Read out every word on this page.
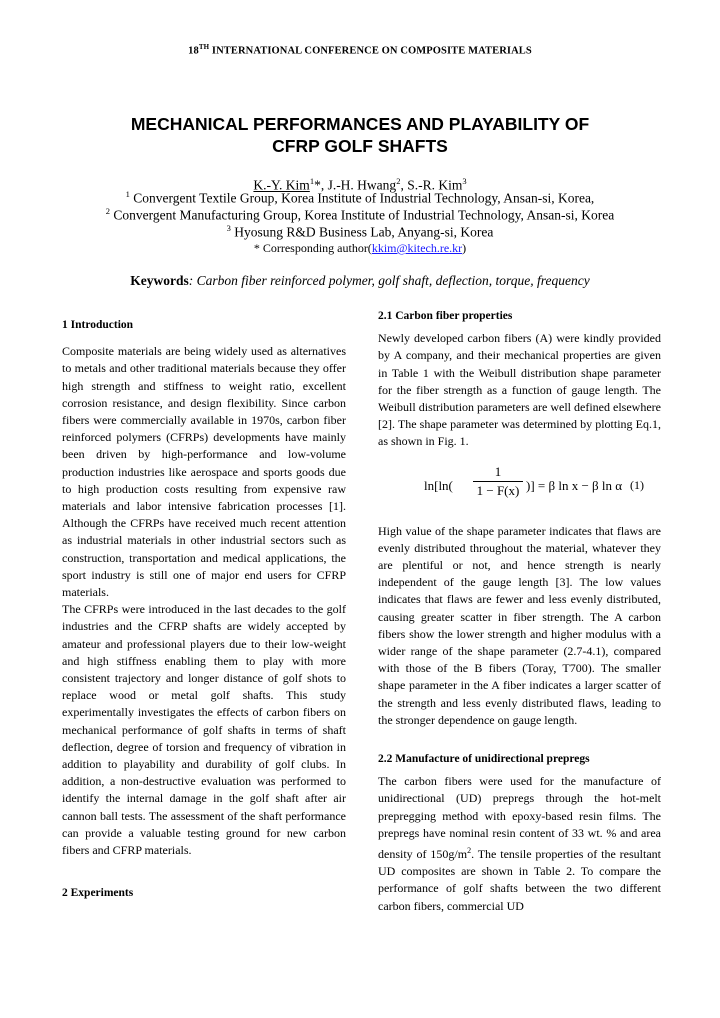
18TH INTERNATIONAL CONFERENCE ON COMPOSITE MATERIALS
MECHANICAL PERFORMANCES AND PLAYABILITY OF
CFRP GOLF SHAFTS
K.-Y. Kim$^1$*, J.-H. Hwang$^2$, S.-R. Kim$^3$
$^1$ Convergent Textile Group, Korea Institute of Industrial Technology, Ansan-si, Korea,
$^2$ Convergent Manufacturing Group, Korea Institute of Industrial Technology, Ansan-si, Korea
$^3$ Hyosung R&D Business Lab, Anyang-si, Korea
* Corresponding author(kkim@kitech.re.kr)
Keywords: Carbon fiber reinforced polymer, golf shaft, deflection, torque, frequency

1 Introduction

Composite materials are being widely used as alternatives to metals and other traditional materials because they offer high strength and stiffness to weight ratio, excellent corrosion resistance, and design flexibility. Since carbon fibers were commercially available in 1970s, carbon fiber reinforced polymers (CFRPs) developments have mainly been driven by high-performance and low-volume production industries like aerospace and sports goods due to high production costs resulting from expensive raw materials and labor intensive fabrication processes [1]. Although the CFRPs have received much recent attention as industrial materials in other industrial sectors such as construction, transportation and medical applications, the sport industry is still one of major end users for CFRP materials.

The CFRPs were introduced in the last decades to the golf industries and the CFRP shafts are widely accepted by amateur and professional players due to their low-weight and high stiffness enabling them to play with more consistent trajectory and longer distance of golf shots to replace wood or metal golf shafts. This study experimentally investigates the effects of carbon fibers on mechanical performance of golf shafts in terms of shaft deflection, degree of torsion and frequency of vibration in addition to playability and durability of golf clubs. In addition, a non-destructive evaluation was performed to identify the internal damage in the golf shaft after air cannon ball tests. The assessment of the shaft performance can provide a valuable testing ground for new carbon fibers and CFRP materials.

2 Experiments

2.1 Carbon fiber properties

Newly developed carbon fibers (A) were kindly provided by A company, and their mechanical properties are given in Table 1 with the Weibull distribution shape parameter for the fiber strength as a function of gauge length. The Weibull distribution parameters are well defined elsewhere [2]. The shape parameter was determined by plotting Eq.1, as shown in Fig. 1.

$\ln[\ln( \frac{1}{1 - F(x)}$ )] = β ln x − β ln α (1)

High value of the shape parameter indicates that flaws are evenly distributed throughout the material, whatever they are plentiful or not, and hence strength is nearly independent of the gauge length [3]. The low values indicates that flaws are fewer and less evenly distributed, causing greater scatter in fiber strength. The A carbon fibers show the lower strength and higher modulus with a wider range of the shape parameter (2.7-4.1), compared with those of the B fibers (Toray, T700). The smaller shape parameter in the A fiber indicates a larger scatter of the strength and less evenly distributed flaws, leading to the stronger dependence on gauge length.

2.2 Manufacture of unidirectional prepregs

The carbon fibers were used for the manufacture of unidirectional (UD) prepregs through the hot-melt prepregging method with epoxy-based resin films. The prepregs have nominal resin content of 33 wt. % and area density of $150g/m^2$. The tensile properties of the resultant UD composites are shown in Table 2. To compare the performance of golf shafts between the two different carbon fibers, commercial UD
